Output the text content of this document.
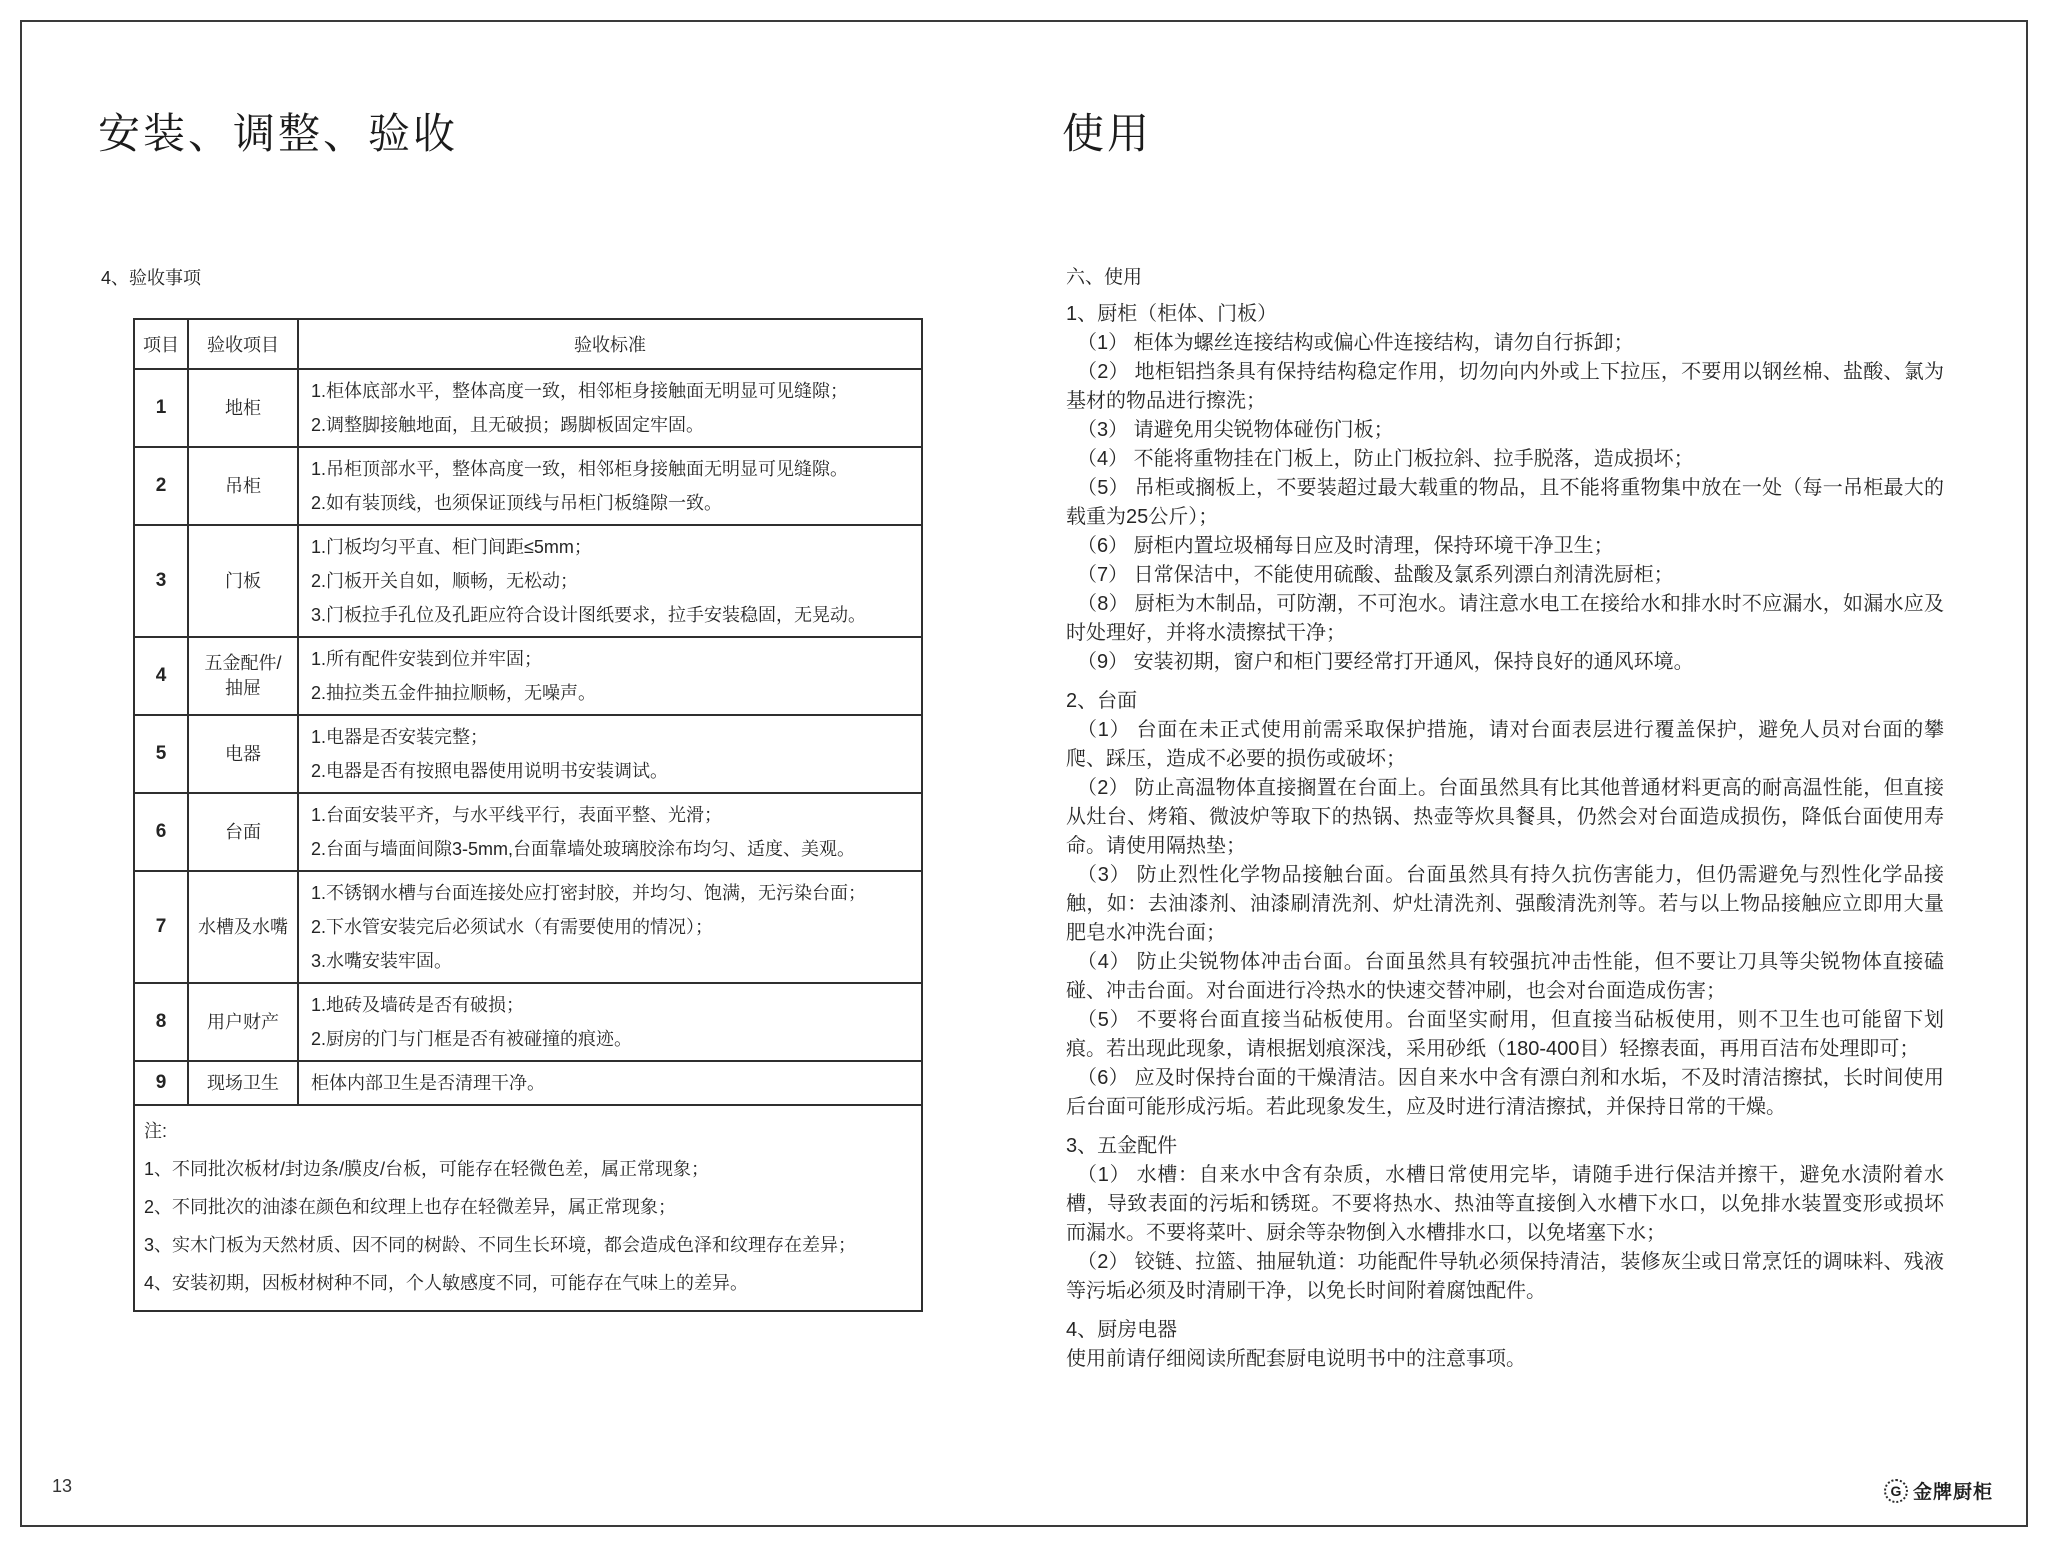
安装、调整、验收
4、验收事项
项目	验收项目	验收标准
1	地柜	1.柜体底部水平，整体高度一致，相邻柜身接触面无明显可见缝隙；
2.调整脚接触地面，且无破损；踢脚板固定牢固。

2	吊柜	1.吊柜顶部水平，整体高度一致，相邻柜身接触面无明显可见缝隙。
2.如有装顶线，也须保证顶线与吊柜门板缝隙一致。

3	门板	1.门板均匀平直、柜门间距≤5mm；
2.门板开关自如，顺畅，无松动；
3.门板拉手孔位及孔距应符合设计图纸要求，拉手安装稳固，无晃动。

4	五金配件/抽屉	1.所有配件安装到位并牢固；
2.抽拉类五金件抽拉顺畅，无噪声。

5	电器	1.电器是否安装完整；
2.电器是否有按照电器使用说明书安装调试。

6	台面	1.台面安装平齐，与水平线平行，表面平整、光滑；
2.台面与墙面间隙3-5mm,台面靠墙处玻璃胶涂布均匀、适度、美观。

7	水槽及水嘴	1.不锈钢水槽与台面连接处应打密封胶，并均匀、饱满，无污染台面；
2.下水管安装完后必须试水（有需要使用的情况）；
3.水嘴安装牢固。

8	用户财产	1.地砖及墙砖是否有破损；
2.厨房的门与门框是否有被碰撞的痕迹。

9	现场卫生	柜体内部卫生是否清理干净。

注:
1、不同批次板材/封边条/膜皮/台板，可能存在轻微色差，属正常现象；
2、不同批次的油漆在颜色和纹理上也存在轻微差异，属正常现象；
3、实木门板为天然材质、因不同的树龄、不同生长环境，都会造成色泽和纹理存在差异；
4、安装初期，因板材树种不同，个人敏感度不同，可能存在气味上的差异。		
13
使用
六、使用

1、厨柜（柜体、门板）

（1） 柜体为螺丝连接结构或偏心件连接结构，请勿自行拆卸；

（2） 地柜铝挡条具有保持结构稳定作用，切勿向内外或上下拉压，不要用以钢丝棉、盐酸、氯为基材的物品进行擦洗；

（3） 请避免用尖锐物体碰伤门板；

（4） 不能将重物挂在门板上，防止门板拉斜、拉手脱落，造成损坏；

（5） 吊柜或搁板上，不要装超过最大载重的物品，且不能将重物集中放在一处（每一吊柜最大的载重为25公斤）；

（6） 厨柜内置垃圾桶每日应及时清理，保持环境干净卫生；

（7） 日常保洁中，不能使用硫酸、盐酸及氯系列漂白剂清洗厨柜；

（8） 厨柜为木制品，可防潮，不可泡水。请注意水电工在接给水和排水时不应漏水，如漏水应及时处理好，并将水渍擦拭干净；

（9） 安装初期，窗户和柜门要经常打开通风，保持良好的通风环境。

2、台面

（1） 台面在未正式使用前需采取保护措施，请对台面表层进行覆盖保护，避免人员对台面的攀爬、踩压，造成不必要的损伤或破坏；

（2） 防止高温物体直接搁置在台面上。台面虽然具有比其他普通材料更高的耐高温性能，但直接从灶台、烤箱、微波炉等取下的热锅、热壶等炊具餐具，仍然会对台面造成损伤，降低台面使用寿命。请使用隔热垫；

（3） 防止烈性化学物品接触台面。台面虽然具有持久抗伤害能力，但仍需避免与烈性化学品接触，如：去油漆剂、油漆刷清洗剂、炉灶清洗剂、强酸清洗剂等。若与以上物品接触应立即用大量肥皂水冲洗台面；

（4） 防止尖锐物体冲击台面。台面虽然具有较强抗冲击性能，但不要让刀具等尖锐物体直接磕碰、冲击台面。对台面进行冷热水的快速交替冲刷，也会对台面造成伤害；

（5） 不要将台面直接当砧板使用。台面坚实耐用，但直接当砧板使用，则不卫生也可能留下划痕。若出现此现象，请根据划痕深浅，采用砂纸（180-400目）轻擦表面，再用百洁布处理即可；

（6） 应及时保持台面的干燥清洁。因自来水中含有漂白剂和水垢，不及时清洁擦拭，长时间使用后台面可能形成污垢。若此现象发生，应及时进行清洁擦拭，并保持日常的干燥。

3、五金配件

（1） 水槽：自来水中含有杂质，水槽日常使用完毕，请随手进行保洁并擦干，避免水渍附着水槽，导致表面的污垢和锈斑。不要将热水、热油等直接倒入水槽下水口，以免排水装置变形或损坏而漏水。不要将菜叶、厨余等杂物倒入水槽排水口，以免堵塞下水；

（2） 铰链、拉篮、抽屉轨道：功能配件导轨必须保持清洁，装修灰尘或日常烹饪的调味料、残液等污垢必须及时清刷干净，以免长时间附着腐蚀配件。

4、厨房电器

使用前请仔细阅读所配套厨电说明书中的注意事项。

G 金牌厨柜
